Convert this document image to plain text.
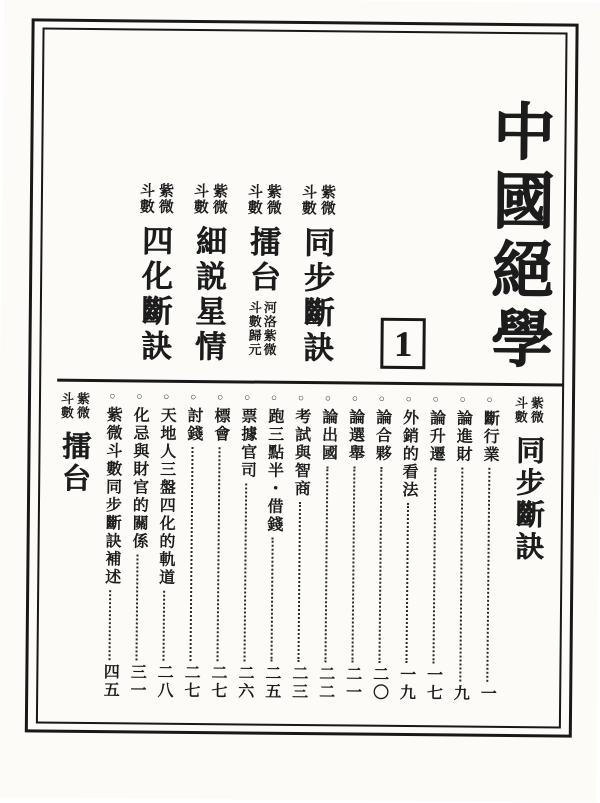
中國絕學
1
紫微斗數
同步斷訣
紫微斗數
擂台
河洛紫微斗數歸元
紫微斗數
細説星情
紫微斗數
四化斷訣
紫微斗數
同步斷訣
○
斷行業
一
○
論進財
九
○
論升遷
一七
○
外銷的看法
一九
○
論合夥
二〇
○
論選舉
二一
○
論出國
二二
○
考試與智商
二三
○
跑三點半・借錢
二五
○
票據官司
二六
○
標會
二七
○
討錢
二七
○
天地人三盤四化的軌道
二八
○
化忌與財官的關係
三一
○
紫微斗數同步斷訣補述
四五
紫微斗數
擂台
